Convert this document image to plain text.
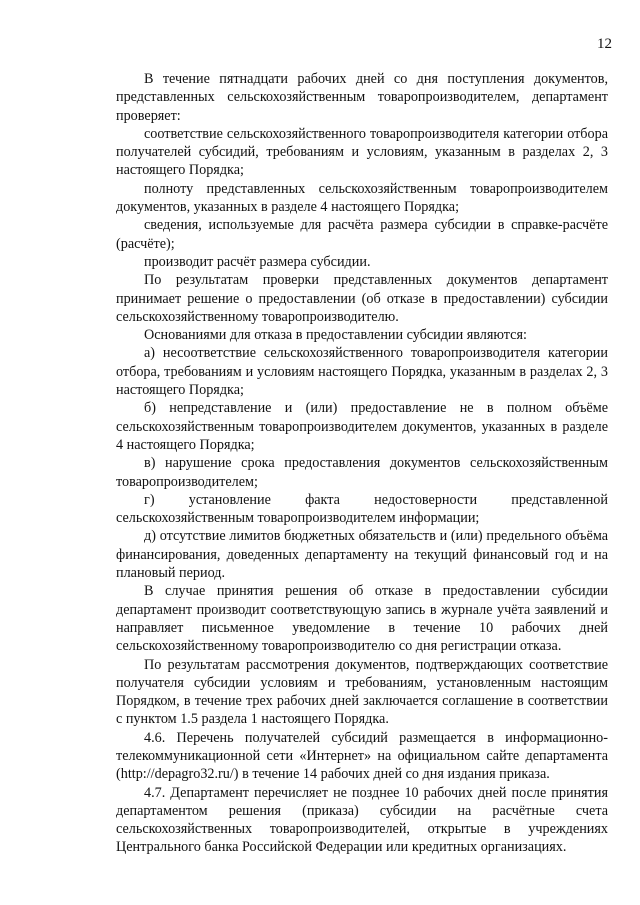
12

В течение пятнадцати рабочих дней со дня поступления документов, представленных сельскохозяйственным товаропроизводителем, департамент проверяет:

соответствие сельскохозяйственного товаропроизводителя категории отбора получателей субсидий, требованиям и условиям, указанным в разделах 2, 3 настоящего Порядка;

полноту представленных сельскохозяйственным товаропроизводителем документов, указанных в разделе 4 настоящего Порядка;

сведения, используемые для расчёта размера субсидии в справке-расчёте (расчёте);

производит расчёт размера субсидии.

По результатам проверки представленных документов департамент принимает решение о предоставлении (об отказе в предоставлении) субсидии сельскохозяйственному товаропроизводителю.

Основаниями для отказа в предоставлении субсидии являются:

а) несоответствие сельскохозяйственного товаропроизводителя категории отбора, требованиям и условиям настоящего Порядка, указанным в разделах 2, 3 настоящего Порядка;

б) непредставление и (или) предоставление не в полном объёме сельскохозяйственным товаропроизводителем документов, указанных в разделе 4 настоящего Порядка;

в) нарушение срока предоставления документов сельскохозяйственным товаропроизводителем;

г) установление факта недостоверности представленной сельскохозяйственным товаропроизводителем информации;

д) отсутствие лимитов бюджетных обязательств и (или) предельного объёма финансирования, доведенных департаменту на текущий финансовый год и на плановый период.

В случае принятия решения об отказе в предоставлении субсидии департамент производит соответствующую запись в журнале учёта заявлений и направляет письменное уведомление в течение 10 рабочих дней сельскохозяйственному товаропроизводителю со дня регистрации отказа.

По результатам рассмотрения документов, подтверждающих соответствие получателя субсидии условиям и требованиям, установленным настоящим Порядком, в течение трех рабочих дней заключается соглашение в соответствии с пунктом 1.5 раздела 1 настоящего Порядка.

4.6. Перечень получателей субсидий размещается в информационно-телекоммуникационной сети «Интернет» на официальном сайте департамента (http://depagro32.ru/) в течение 14 рабочих дней со дня издания приказа.

4.7. Департамент перечисляет не позднее 10 рабочих дней после принятия департаментом решения (приказа) субсидии на расчётные счета сельскохозяйственных товаропроизводителей, открытые в учреждениях Центрального банка Российской Федерации или кредитных организациях.
